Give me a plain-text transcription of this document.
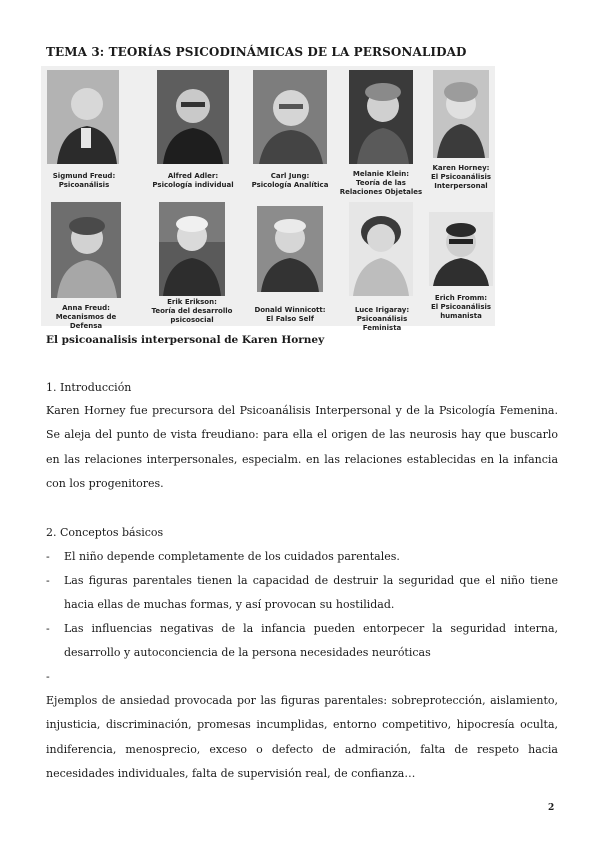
TEMA 3: TEORÍAS PSICODINÁMICAS DE LA PERSONALIDAD
Sigmund Freud:
Psicoanálisis
Alfred Adler:
Psicología individual
Carl Jung:
Psicología Analítica
Melanie Klein:
Teoría de las
Relaciones Objetales
Karen Horney:
El Psicoanálisis
Interpersonal
Anna Freud:
Mecanismos de Defensa
Erik Erikson:
Teoría del desarrollo
psicosocial
Donald Winnicott:
El Falso Self
Luce Irigaray:
Psicoanálisis Feminista
Erich Fromm:
El Psicoanálisis
humanista
El psicoanalisis interpersonal de Karen Horney
1. Introducción
Karen Horney fue precursora del Psicoanálisis Interpersonal y de la Psicología Femenina. Se aleja del punto de vista freudiano: para ella el origen de las neurosis hay que buscarlo en las relaciones interpersonales, especialm. en las relaciones establecidas en la infancia con los progenitores.
2. Conceptos básicos
- El niño depende completamente de los cuidados parentales.
- Las figuras parentales tienen la capacidad de destruir la seguridad que el niño tiene hacia ellas de muchas formas, y así provocan su hostilidad.
- Las influencias negativas de la infancia pueden entorpecer la seguridad interna, desarrollo y autoconciencia de la persona necesidades neuróticas
-
Ejemplos de ansiedad provocada por las figuras parentales: sobreprotección, aislamiento, injusticia, discriminación, promesas incumplidas, entorno competitivo, hipocresía oculta, indiferencia, menosprecio, exceso o defecto de admiración, falta de respeto hacia necesidades individuales, falta de supervisión real, de confianza…
2
